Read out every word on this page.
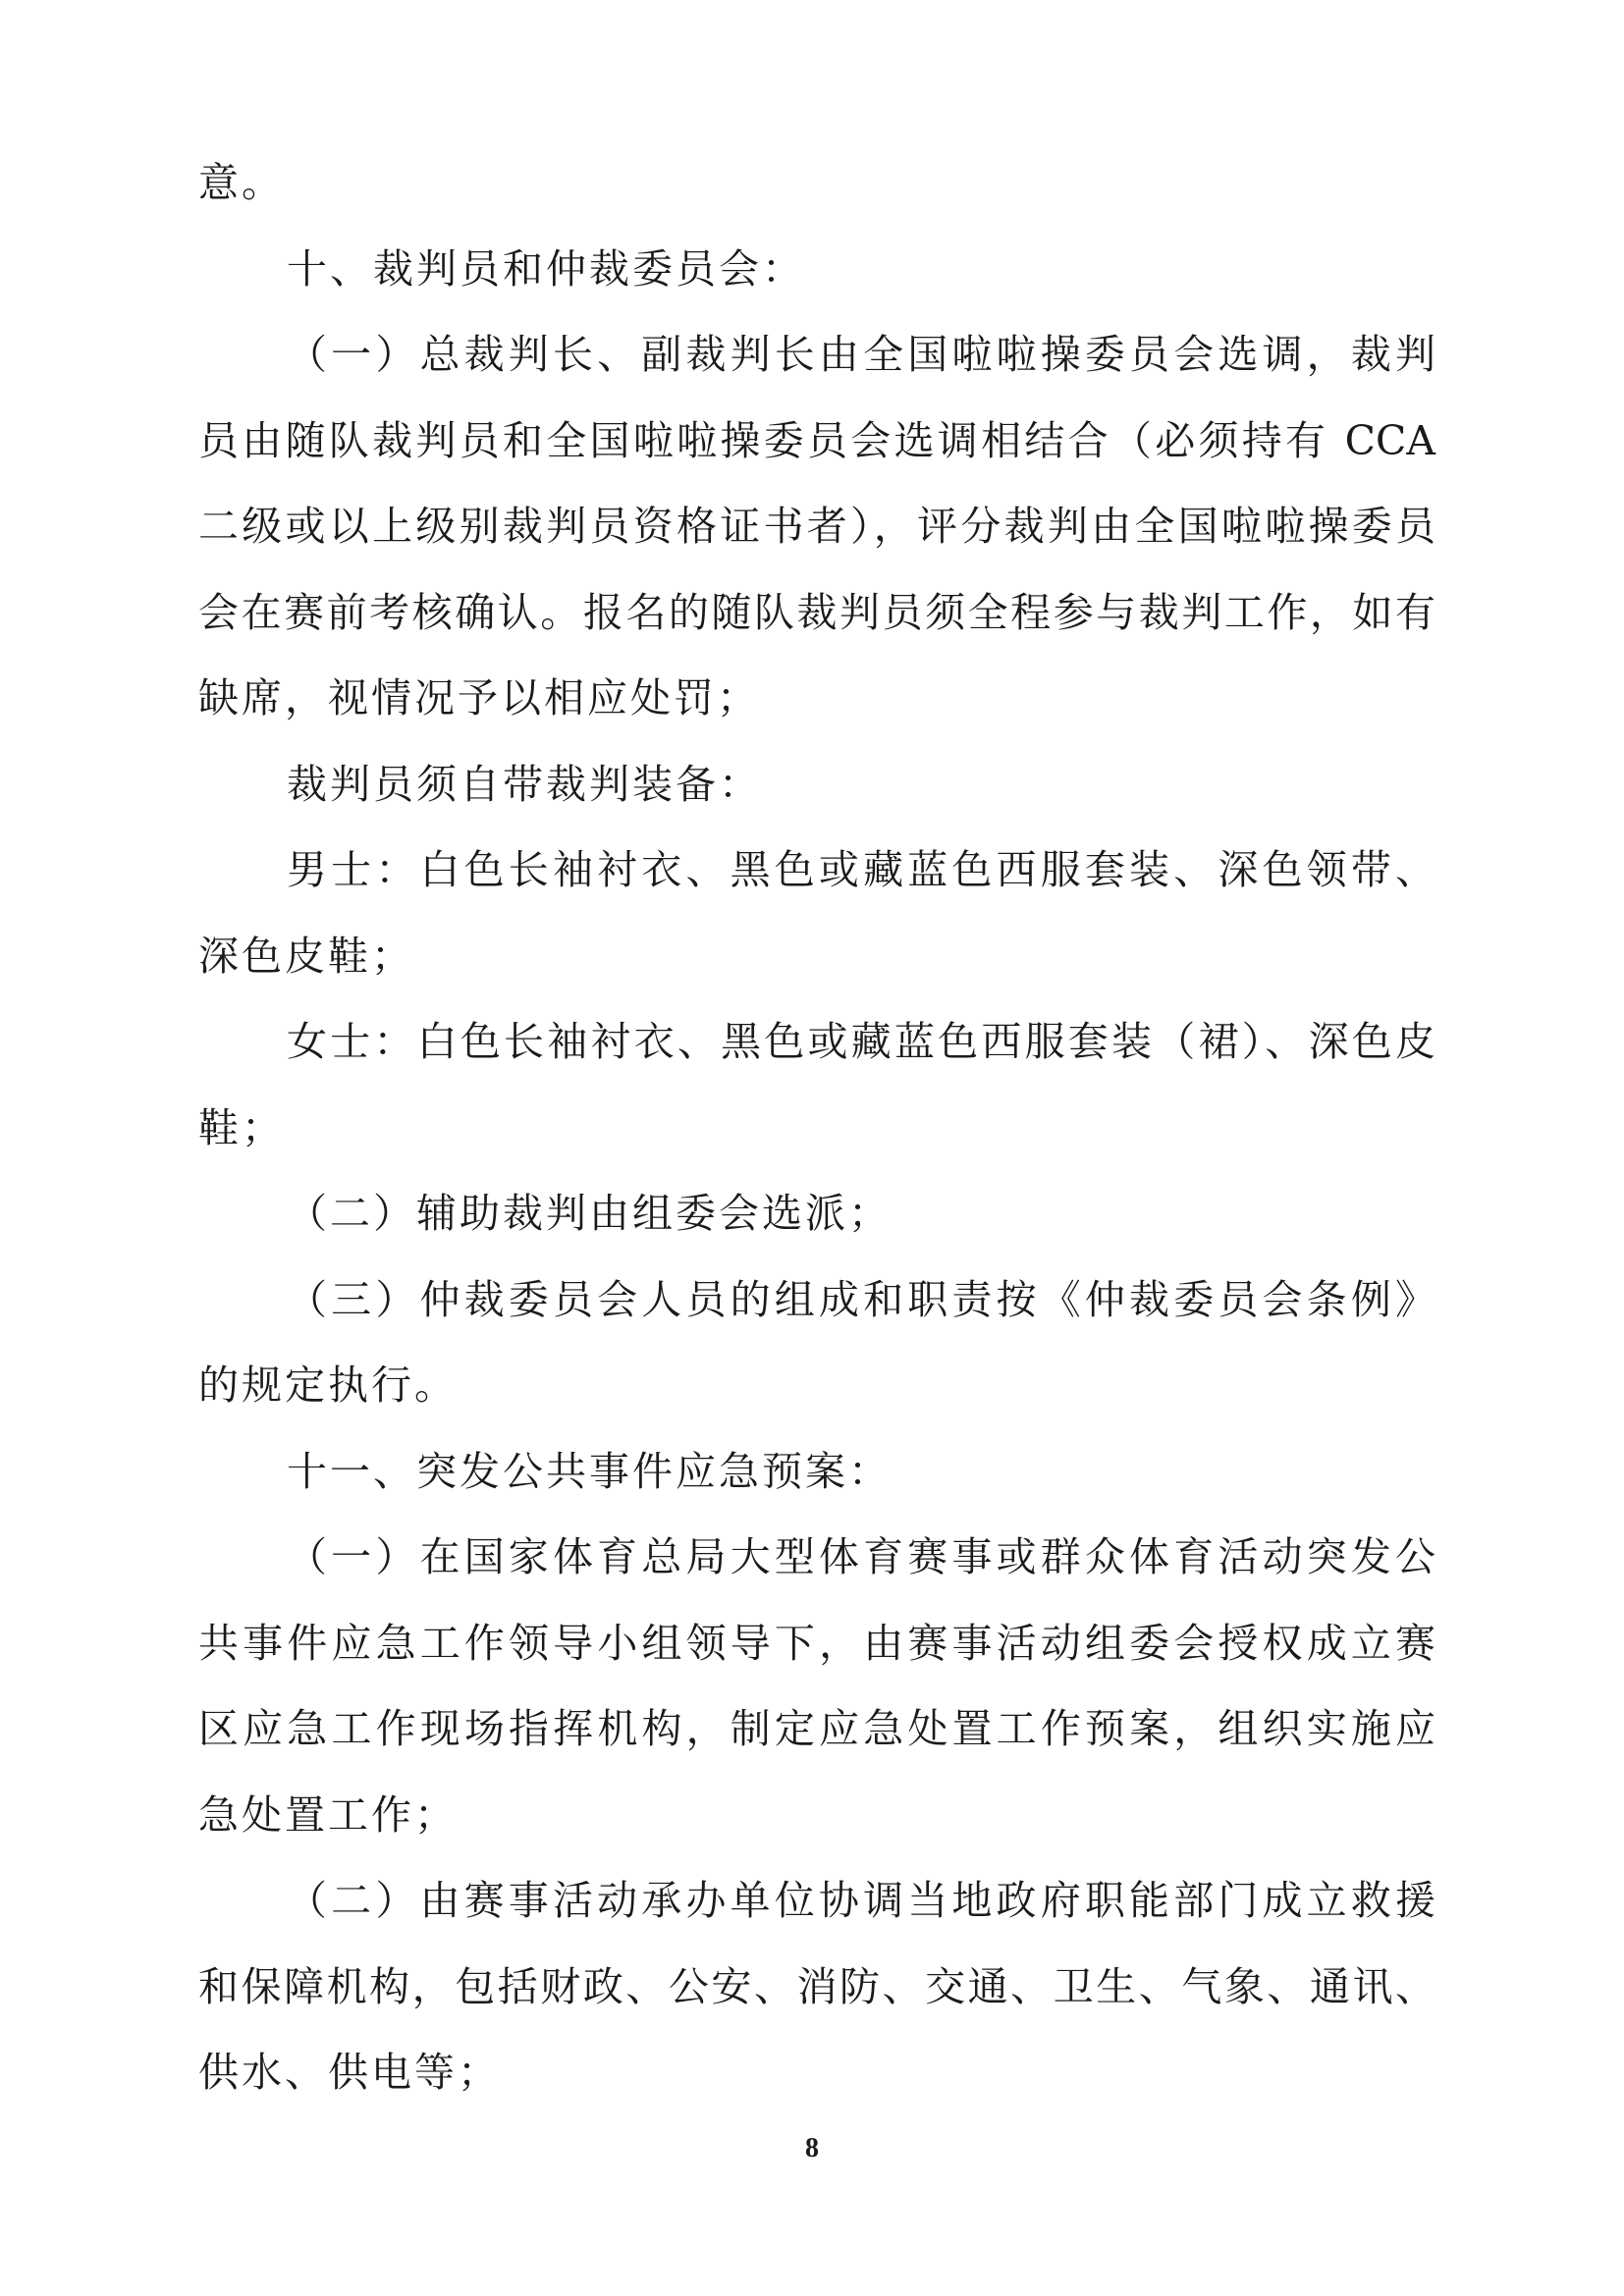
意。
十、裁判员和仲裁委员会：
（一）总裁判长、副裁判长由全国啦啦操委员会选调，裁判
员由随队裁判员和全国啦啦操委员会选调相结合（必须持有 CCA
二级或以上级别裁判员资格证书者），评分裁判由全国啦啦操委员
会在赛前考核确认。报名的随队裁判员须全程参与裁判工作，如有
缺席，视情况予以相应处罚；
裁判员须自带裁判装备：
男士：白色长袖衬衣、黑色或藏蓝色西服套装、深色领带、
深色皮鞋；
女士：白色长袖衬衣、黑色或藏蓝色西服套装（裙）、深色皮
鞋；
（二）辅助裁判由组委会选派；
（三）仲裁委员会人员的组成和职责按《仲裁委员会条例》
的规定执行。
十一、突发公共事件应急预案：
（一）在国家体育总局大型体育赛事或群众体育活动突发公
共事件应急工作领导小组领导下，由赛事活动组委会授权成立赛
区应急工作现场指挥机构，制定应急处置工作预案，组织实施应
急处置工作；
（二）由赛事活动承办单位协调当地政府职能部门成立救援
和保障机构，包括财政、公安、消防、交通、卫生、气象、通讯、
供水、供电等；
8
